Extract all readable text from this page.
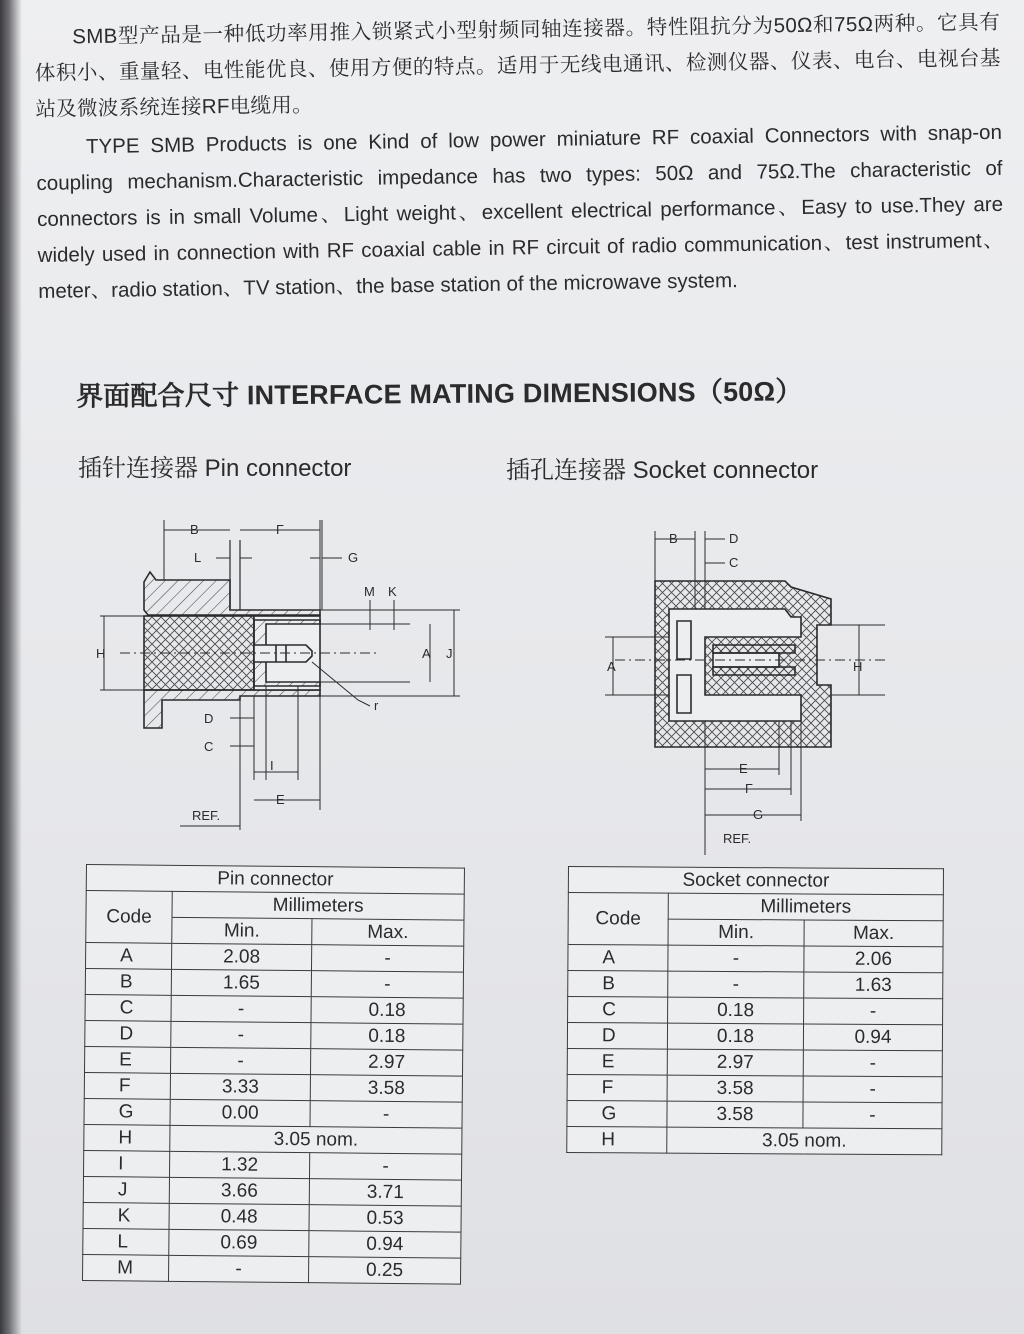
SMB型产品是一种低功率用推入锁紧式小型射频同轴连接器。特性阻抗分为50Ω和75Ω两种。它具有体积小、重量轻、电性能优良、使用方便的特点。适用于无线电通讯、检测仪器、仪表、电台、电视台基站及微波系统连接RF电缆用。

TYPE SMB Products is one Kind of low power miniature RF coaxial Connectors with snap-on coupling mechanism.Characteristic impedance has two types: 50Ω and 75Ω.The characteristic of connectors is in small Volume、Light weight、excellent electrical performance、Easy to use.They are widely used in connection with RF coaxial cable in RF circuit of radio communication、test instrument、meter、radio station、TV station、the base station of the microwave system.

界面配合尺寸 INTERFACE MATING DIMENSIONS（50Ω）
插针连接器 Pin connector	插孔连接器 Socket connector
B	F
L	G
M K
H	A J
r
D
C
I
E
REF.
B	D
C
A	H
E
F
G
REF.
Pin connector		
Code	Millimeters	
	Min.	Max.
A	2.08	-
B	1.65	-
C	-	0.18
D	-	0.18
E	-	2.97
F	3.33	3.58
G	0.00	-
H	3.05 nom.	
I	1.32	-
J	3.66	3.71
K	0.48	0.53
L	0.69	0.94
M	-	0.25
Socket connector		
Code	Millimeters	
	Min.	Max.
A	-	2.06
B	-	1.63
C	0.18	-
D	0.18	0.94
E	2.97	-
F	3.58	-
G	3.58	-
H	3.05 nom.	
